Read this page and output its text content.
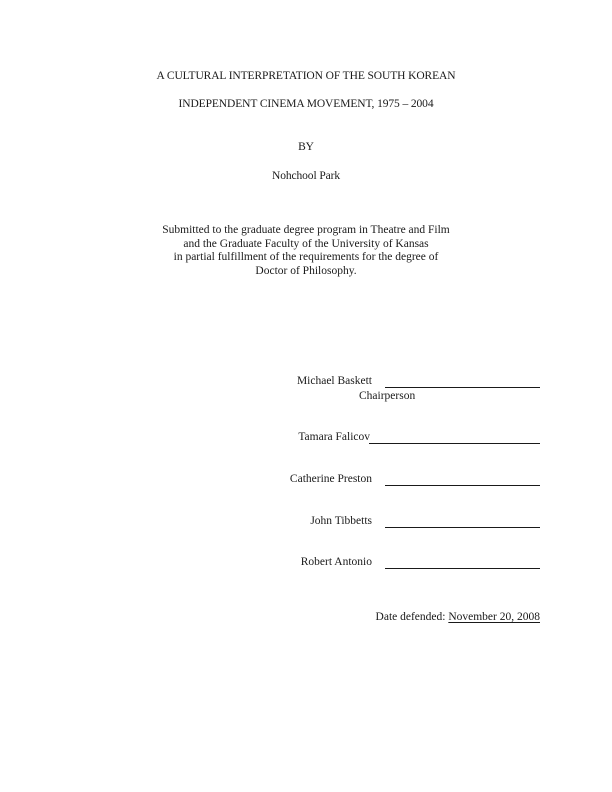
A CULTURAL INTERPRETATION OF THE SOUTH KOREAN
INDEPENDENT CINEMA MOVEMENT, 1975 – 2004
BY
Nohchool Park
Submitted to the graduate degree program in Theatre and Film
and the Graduate Faculty of the University of Kansas
in partial fulfillment of the requirements for the degree of
Doctor of Philosophy.
Michael Baskett
Chairperson
Tamara Falicov
Catherine Preston
John Tibbetts
Robert Antonio
Date defended: November 20, 2008
